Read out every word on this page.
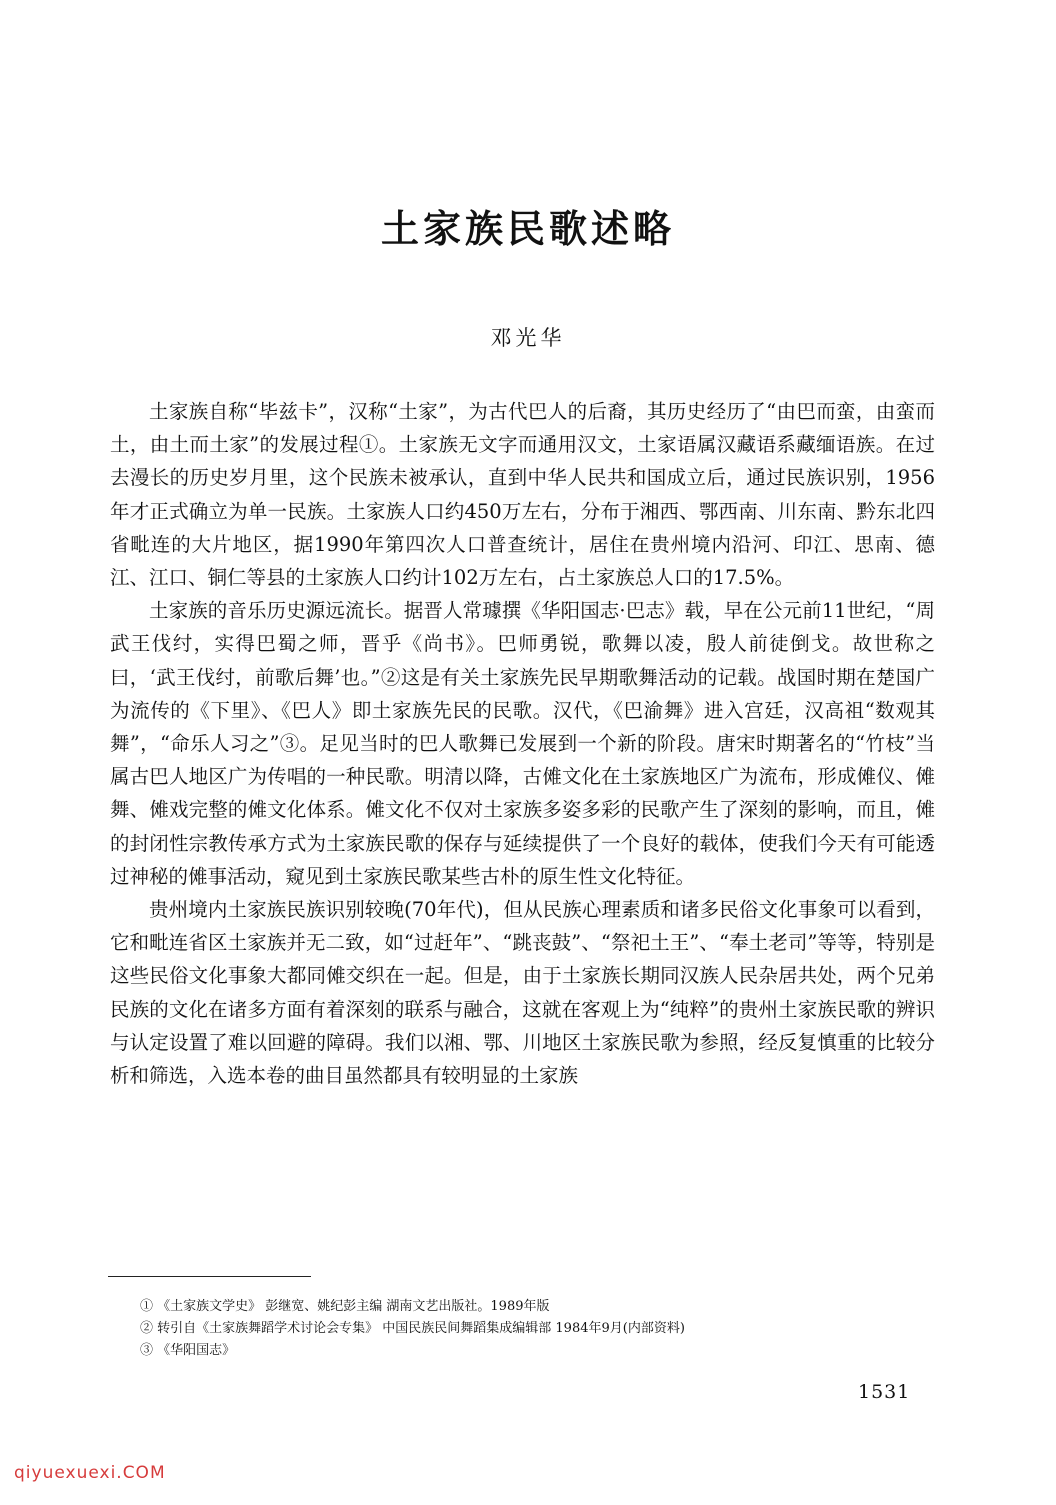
土家族民歌述略
邓光华

土家族自称“毕兹卡”，汉称“土家”，为古代巴人的后裔，其历史经历了“由巴而蛮，由蛮而土，由土而土家”的发展过程①。土家族无文字而通用汉文，土家语属汉藏语系藏缅语族。在过去漫长的历史岁月里，这个民族未被承认，直到中华人民共和国成立后，通过民族识别，1956年才正式确立为单一民族。土家族人口约450万左右，分布于湘西、鄂西南、川东南、黔东北四省毗连的大片地区，据1990年第四次人口普查统计，居住在贵州境内沿河、印江、思南、德江、江口、铜仁等县的土家族人口约计102万左右，占土家族总人口的17.5%。

土家族的音乐历史源远流长。据晋人常璩撰《华阳国志·巴志》载，早在公元前11世纪，“周武王伐纣，实得巴蜀之师，晋乎《尚书》。巴师勇锐，歌舞以凌，殷人前徒倒戈。故世称之曰，‘武王伐纣，前歌后舞’也。”②这是有关土家族先民早期歌舞活动的记载。战国时期在楚国广为流传的《下里》、《巴人》即土家族先民的民歌。汉代，《巴渝舞》进入宫廷，汉高祖“数观其舞”，“命乐人习之”③。足见当时的巴人歌舞已发展到一个新的阶段。唐宋时期著名的“竹枝”当属古巴人地区广为传唱的一种民歌。明清以降，古傩文化在土家族地区广为流布，形成傩仪、傩舞、傩戏完整的傩文化体系。傩文化不仅对土家族多姿多彩的民歌产生了深刻的影响，而且，傩的封闭性宗教传承方式为土家族民歌的保存与延续提供了一个良好的载体，使我们今天有可能透过神秘的傩事活动，窥见到土家族民歌某些古朴的原生性文化特征。

贵州境内土家族民族识别较晚(70年代)，但从民族心理素质和诸多民俗文化事象可以看到，它和毗连省区土家族并无二致，如“过赶年”、“跳丧鼓”、“祭祀土王”、“奉土老司”等等，特别是这些民俗文化事象大都同傩交织在一起。但是，由于土家族长期同汉族人民杂居共处，两个兄弟民族的文化在诸多方面有着深刻的联系与融合，这就在客观上为“纯粹”的贵州土家族民歌的辨识与认定设置了难以回避的障碍。我们以湘、鄂、川地区土家族民歌为参照，经反复慎重的比较分析和筛选，入选本卷的曲目虽然都具有较明显的土家族

① 《土家族文学史》 彭继宽、姚纪彭主编 湖南文艺出版社。1989年版
② 转引自《土家族舞蹈学术讨论会专集》 中国民族民间舞蹈集成编辑部 1984年9月(内部资料)
③ 《华阳国志》
1531
qiyuexuexi.COM
